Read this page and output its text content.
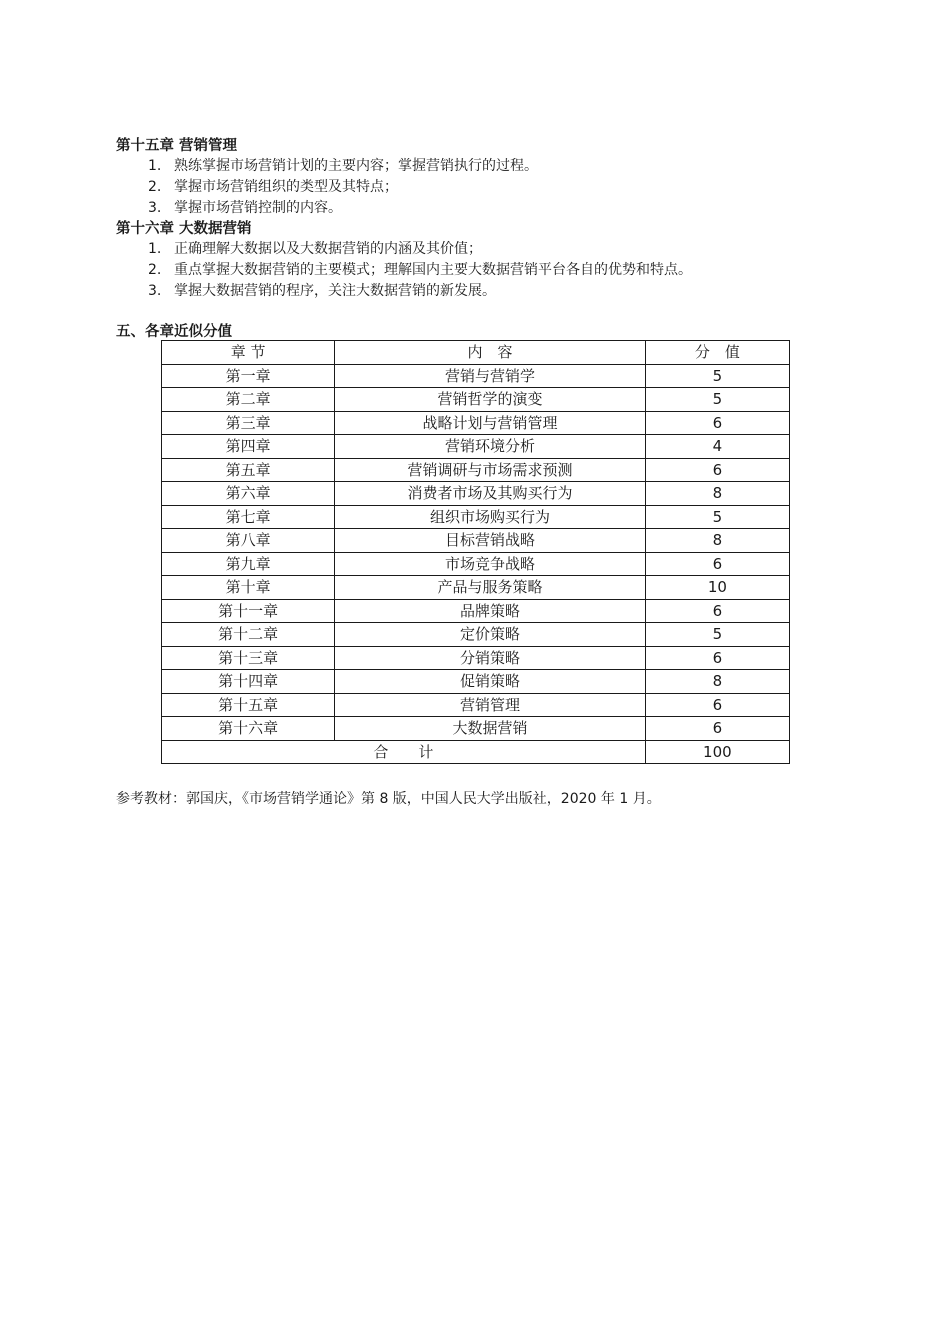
第十五章 营销管理
1. 熟练掌握市场营销计划的主要内容；掌握营销执行的过程。
2. 掌握市场营销组织的类型及其特点；
3. 掌握市场营销控制的内容。
第十六章 大数据营销
1. 正确理解大数据以及大数据营销的内涵及其价值；
2. 重点掌握大数据营销的主要模式；理解国内主要大数据营销平台各自的优势和特点。
3. 掌握大数据营销的程序，关注大数据营销的新发展。
五、各章近似分值
章 节	内　容	分　值
第一章	营销与营销学	5
第二章	营销哲学的演变	5
第三章	战略计划与营销管理	6
第四章	营销环境分析	4
第五章	营销调研与市场需求预测	6
第六章	消费者市场及其购买行为	8
第七章	组织市场购买行为	5
第八章	目标营销战略	8
第九章	市场竞争战略	6
第十章	产品与服务策略	10
第十一章	品牌策略	6
第十二章	定价策略	5
第十三章	分销策略	6
第十四章	促销策略	8
第十五章	营销管理	6
第十六章	大数据营销	6
合　　计		100
参考教材：郭国庆，《市场营销学通论》第 8 版，中国人民大学出版社，2020 年 1 月。
